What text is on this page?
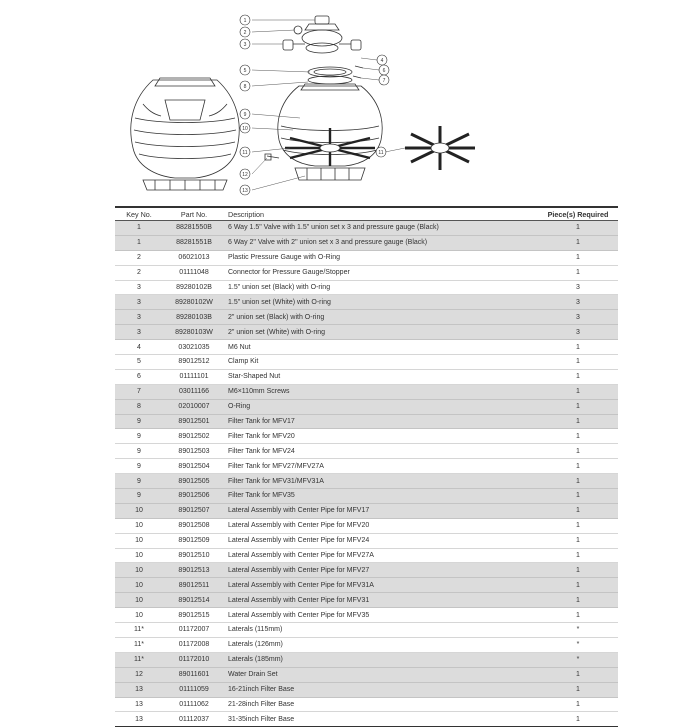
1
2
3
4
5	6
7
8
9
10
11	11
12
13
Key No.	Part No.	Description	Piece(s) Required
1	88281550B	6 Way 1.5" Valve with 1.5" union set x 3 and pressure gauge (Black)	1
1	88281551B	6 Way 2" Valve with 2" union set x 3 and pressure gauge (Black)	1
2	06021013	Plastic Pressure Gauge with O-Ring	1
2	01111048	Connector for Pressure Gauge/Stopper	1
3	89280102B	1.5" union set (Black) with O-ring	3
3	89280102W	1.5" union set (White) with O-ring	3
3	89280103B	2" union set (Black) with O-ring	3
3	89280103W	2" union set (White) with O-ring	3
4	03021035	M6 Nut	1
5	89012512	Clamp Kit	1
6	01111101	Star-Shaped Nut	1
7	03011166	M6×110mm Screws	1
8	02010007	O-Ring	1
9	89012501	Filter Tank for MFV17	1
9	89012502	Filter Tank for MFV20	1
9	89012503	Filter Tank for MFV24	1
9	89012504	Filter Tank for MFV27/MFV27A	1
9	89012505	Filter Tank for MFV31/MFV31A	1
9	89012506	Filter Tank for MFV35	1
10	89012507	Lateral Assembly with Center Pipe for MFV17	1
10	89012508	Lateral Assembly with Center Pipe for MFV20	1
10	89012509	Lateral Assembly with Center Pipe for MFV24	1
10	89012510	Lateral Assembly with Center Pipe for MFV27A	1
10	89012513	Lateral Assembly with Center Pipe for MFV27	1
10	89012511	Lateral Assembly with Center Pipe for MFV31A	1
10	89012514	Lateral Assembly with Center Pipe for MFV31	1
10	89012515	Lateral Assembly with Center Pipe for MFV35	1
11*	01172007	Laterals (115mm)	*
11*	01172008	Laterals (126mm)	*
11*	01172010	Laterals (185mm)	*
12	89011601	Water Drain Set	1
13	01111059	16-21inch Filter Base	1
13	01111062	21-28inch Filter Base	1
13	01112037	31-35inch Filter Base	1
